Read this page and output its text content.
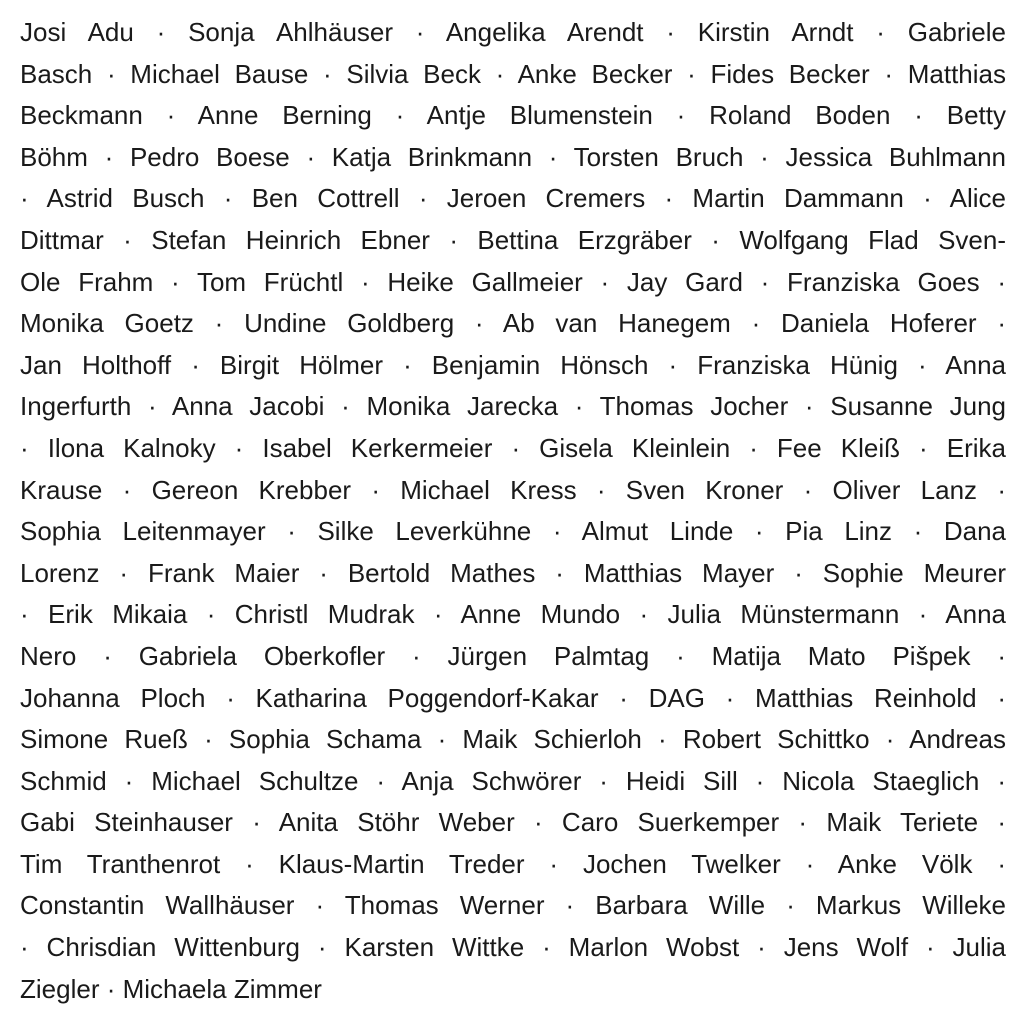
Josi Adu · Sonja Ahlhäuser · Angelika Arendt · Kirstin Arndt · Gabriele
Basch · Michael Bause · Silvia Beck · Anke Becker · Fides Becker · Matthias
Beckmann · Anne Berning · Antje Blumenstein · Roland Boden · Betty
Böhm · Pedro Boese · Katja Brinkmann · Torsten Bruch · Jessica Buhlmann
· Astrid Busch · Ben Cottrell · Jeroen Cremers · Martin Dammann · Alice
Dittmar · Stefan Heinrich Ebner · Bettina Erzgräber · Wolfgang Flad Sven-
Ole Frahm · Tom Früchtl · Heike Gallmeier · Jay Gard · Franziska Goes ·
Monika Goetz · Undine Goldberg · Ab van Hanegem · Daniela Hoferer ·
Jan Holthoff · Birgit Hölmer · Benjamin Hönsch · Franziska Hünig · Anna
Ingerfurth · Anna Jacobi · Monika Jarecka · Thomas Jocher · Susanne Jung
· Ilona Kalnoky · Isabel Kerkermeier · Gisela Kleinlein · Fee Kleiß · Erika
Krause · Gereon Krebber · Michael Kress · Sven Kroner · Oliver Lanz ·
Sophia Leitenmayer · Silke Leverkühne · Almut Linde · Pia Linz · Dana
Lorenz · Frank Maier · Bertold Mathes · Matthias Mayer · Sophie Meurer
· Erik Mikaia · Christl Mudrak · Anne Mundo · Julia Münstermann · Anna
Nero · Gabriela Oberkofler · Jürgen Palmtag · Matija Mato Pišpek ·
Johanna Ploch · Katharina Poggendorf-Kakar · DAG · Matthias Reinhold ·
Simone Rueß · Sophia Schama · Maik Schierloh · Robert Schittko · Andreas
Schmid · Michael Schultze · Anja Schwörer · Heidi Sill · Nicola Staeglich ·
Gabi Steinhauser · Anita Stöhr Weber · Caro Suerkemper · Maik Teriete ·
Tim Tranthenrot · Klaus-Martin Treder · Jochen Twelker · Anke Völk ·
Constantin Wallhäuser · Thomas Werner · Barbara Wille · Markus Willeke
· Chrisdian Wittenburg · Karsten Wittke · Marlon Wobst · Jens Wolf · Julia
Ziegler · Michaela Zimmer
